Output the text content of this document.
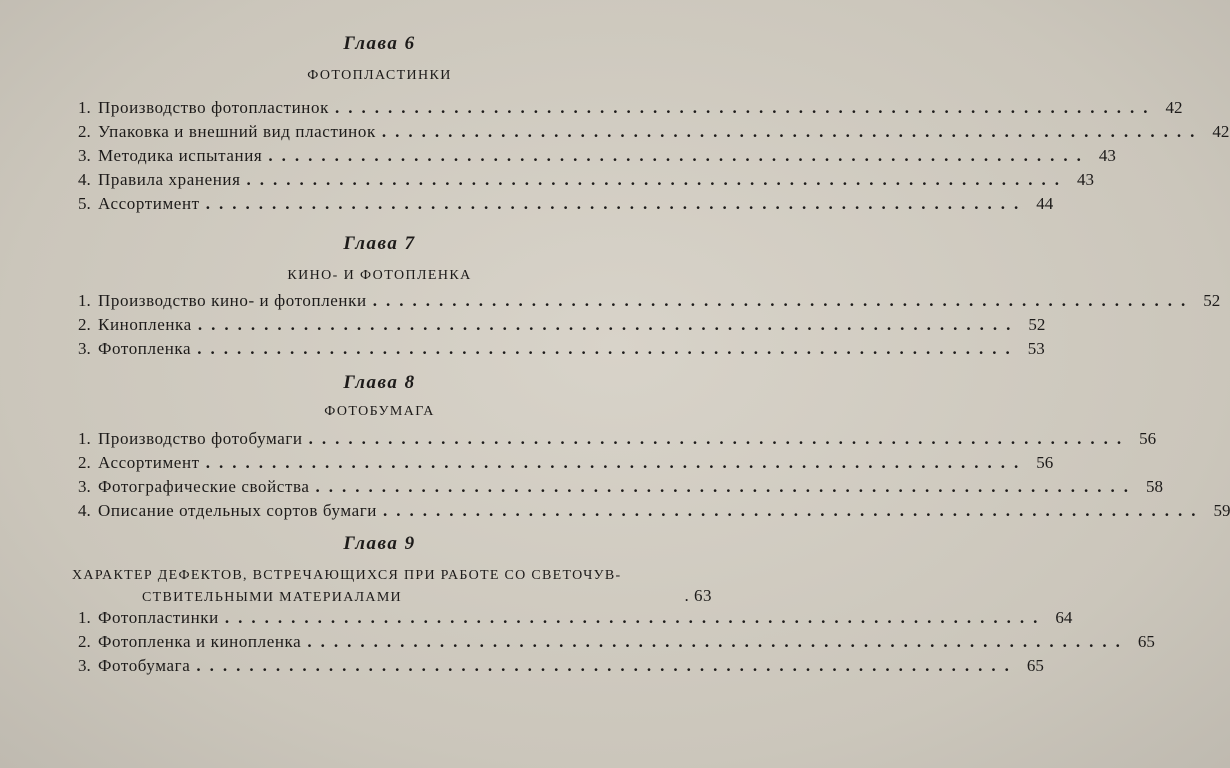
Глава 6
ФОТОПЛАСТИНКИ
1. Производство фотопластинок .............................................................. 42
2. Упаковка и внешний вид пластинок .............................................................. 42
3. Методика испытания .............................................................. 43
4. Правила хранения .............................................................. 43
5. Ассортимент .............................................................. 44
Глава 7
КИНО- И ФОТОПЛЕНКА
1. Производство кино- и фотопленки .............................................................. 52
2. Кинопленка .............................................................. 52
3. Фотопленка .............................................................. 53
Глава 8
ФОТОБУМАГА
1. Производство фотобумаги .............................................................. 56
2. Ассортимент .............................................................. 56
3. Фотографические свойства .............................................................. 58
4. Описание отдельных сортов бумаги .............................................................. 59
Глава 9
ХАРАКТЕР ДЕФЕКТОВ, ВСТРЕЧАЮЩИХСЯ ПРИ РАБОТЕ СО СВЕТОЧУВ-
СТВИТЕЛЬНЫМИ МАТЕРИАЛАМИ	. 63
1. Фотопластинки .............................................................. 64
2. Фотопленка и кинопленка .............................................................. 65
3. Фотобумага .............................................................. 65
